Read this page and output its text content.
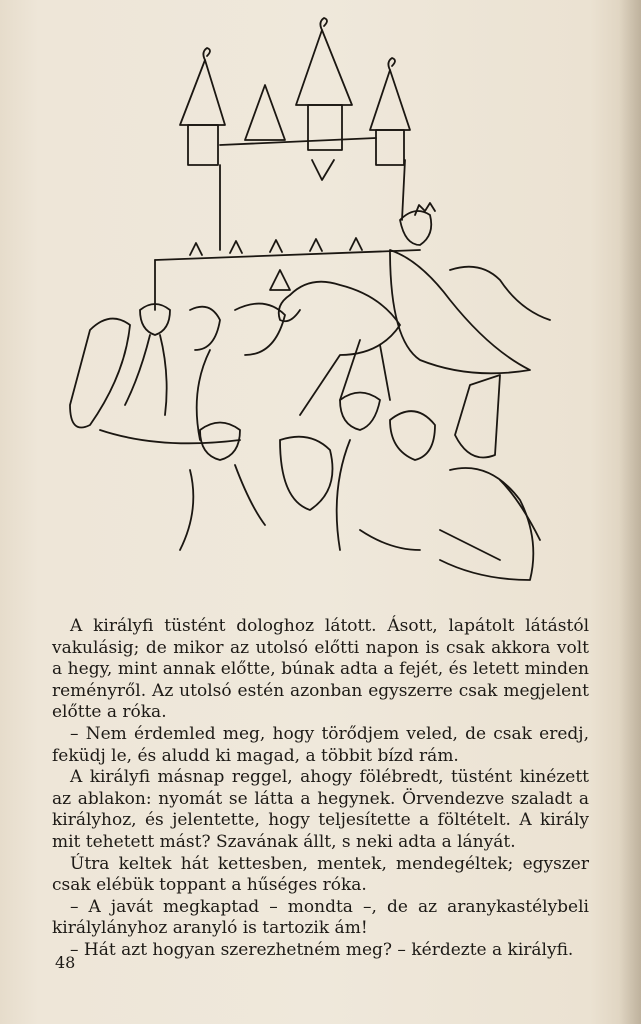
A királyfi tüstént dologhoz látott. Ásott, lapátolt látástól vakulásig; de mikor az utolsó előtti napon is csak akkora volt a hegy, mint annak előtte, búnak adta a fejét, és letett minden reményről. Az utolsó estén azonban egyszerre csak megjelent előtte a róka.

– Nem érdemled meg, hogy törődjem veled, de csak eredj, feküdj le, és aludd ki magad, a többit bízd rám.

A királyfi másnap reggel, ahogy fölébredt, tüstént kinézett az ablakon: nyomát se látta a hegynek. Örvendezve szaladt a királyhoz, és jelentette, hogy teljesítette a föltételt. A király mit tehetett mást? Szavának állt, s neki adta a lányát.

Útra keltek hát kettesben, mentek, mendegéltek; egyszer csak elébük toppant a hűséges róka.

– A javát megkaptad – mondta –, de az aranykastélybeli királylányhoz aranyló is tartozik ám!

– Hát azt hogyan szerezhetném meg? – kérdezte a királyfi.

48
